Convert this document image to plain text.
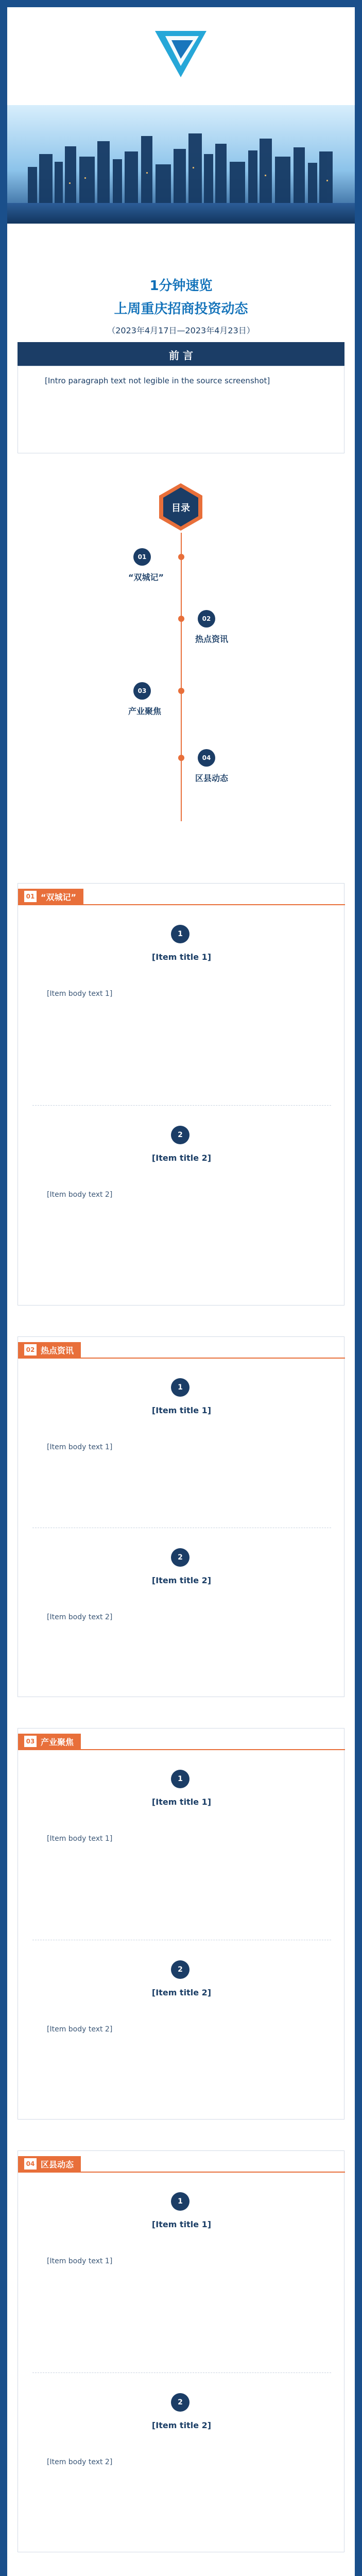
1分钟速览
上周重庆招商投资动态
（2023年4月17日—2023年4月23日）
前 言
[Intro paragraph text not legible in the source screenshot]
目录
01
“双城记”
02
热点资讯
03
产业聚焦
04
区县动态
01 “双城记”
1
[Item title 1]
[Item body text 1]
2
[Item title 2]
[Item body text 2]
02 热点资讯
1
[Item title 1]
[Item body text 1]
2
[Item title 2]
[Item body text 2]
03 产业聚焦
1
[Item title 1]
[Item body text 1]
2
[Item title 2]
[Item body text 2]
04 区县动态
1
[Item title 1]
[Item body text 1]
2
[Item title 2]
[Item body text 2]
